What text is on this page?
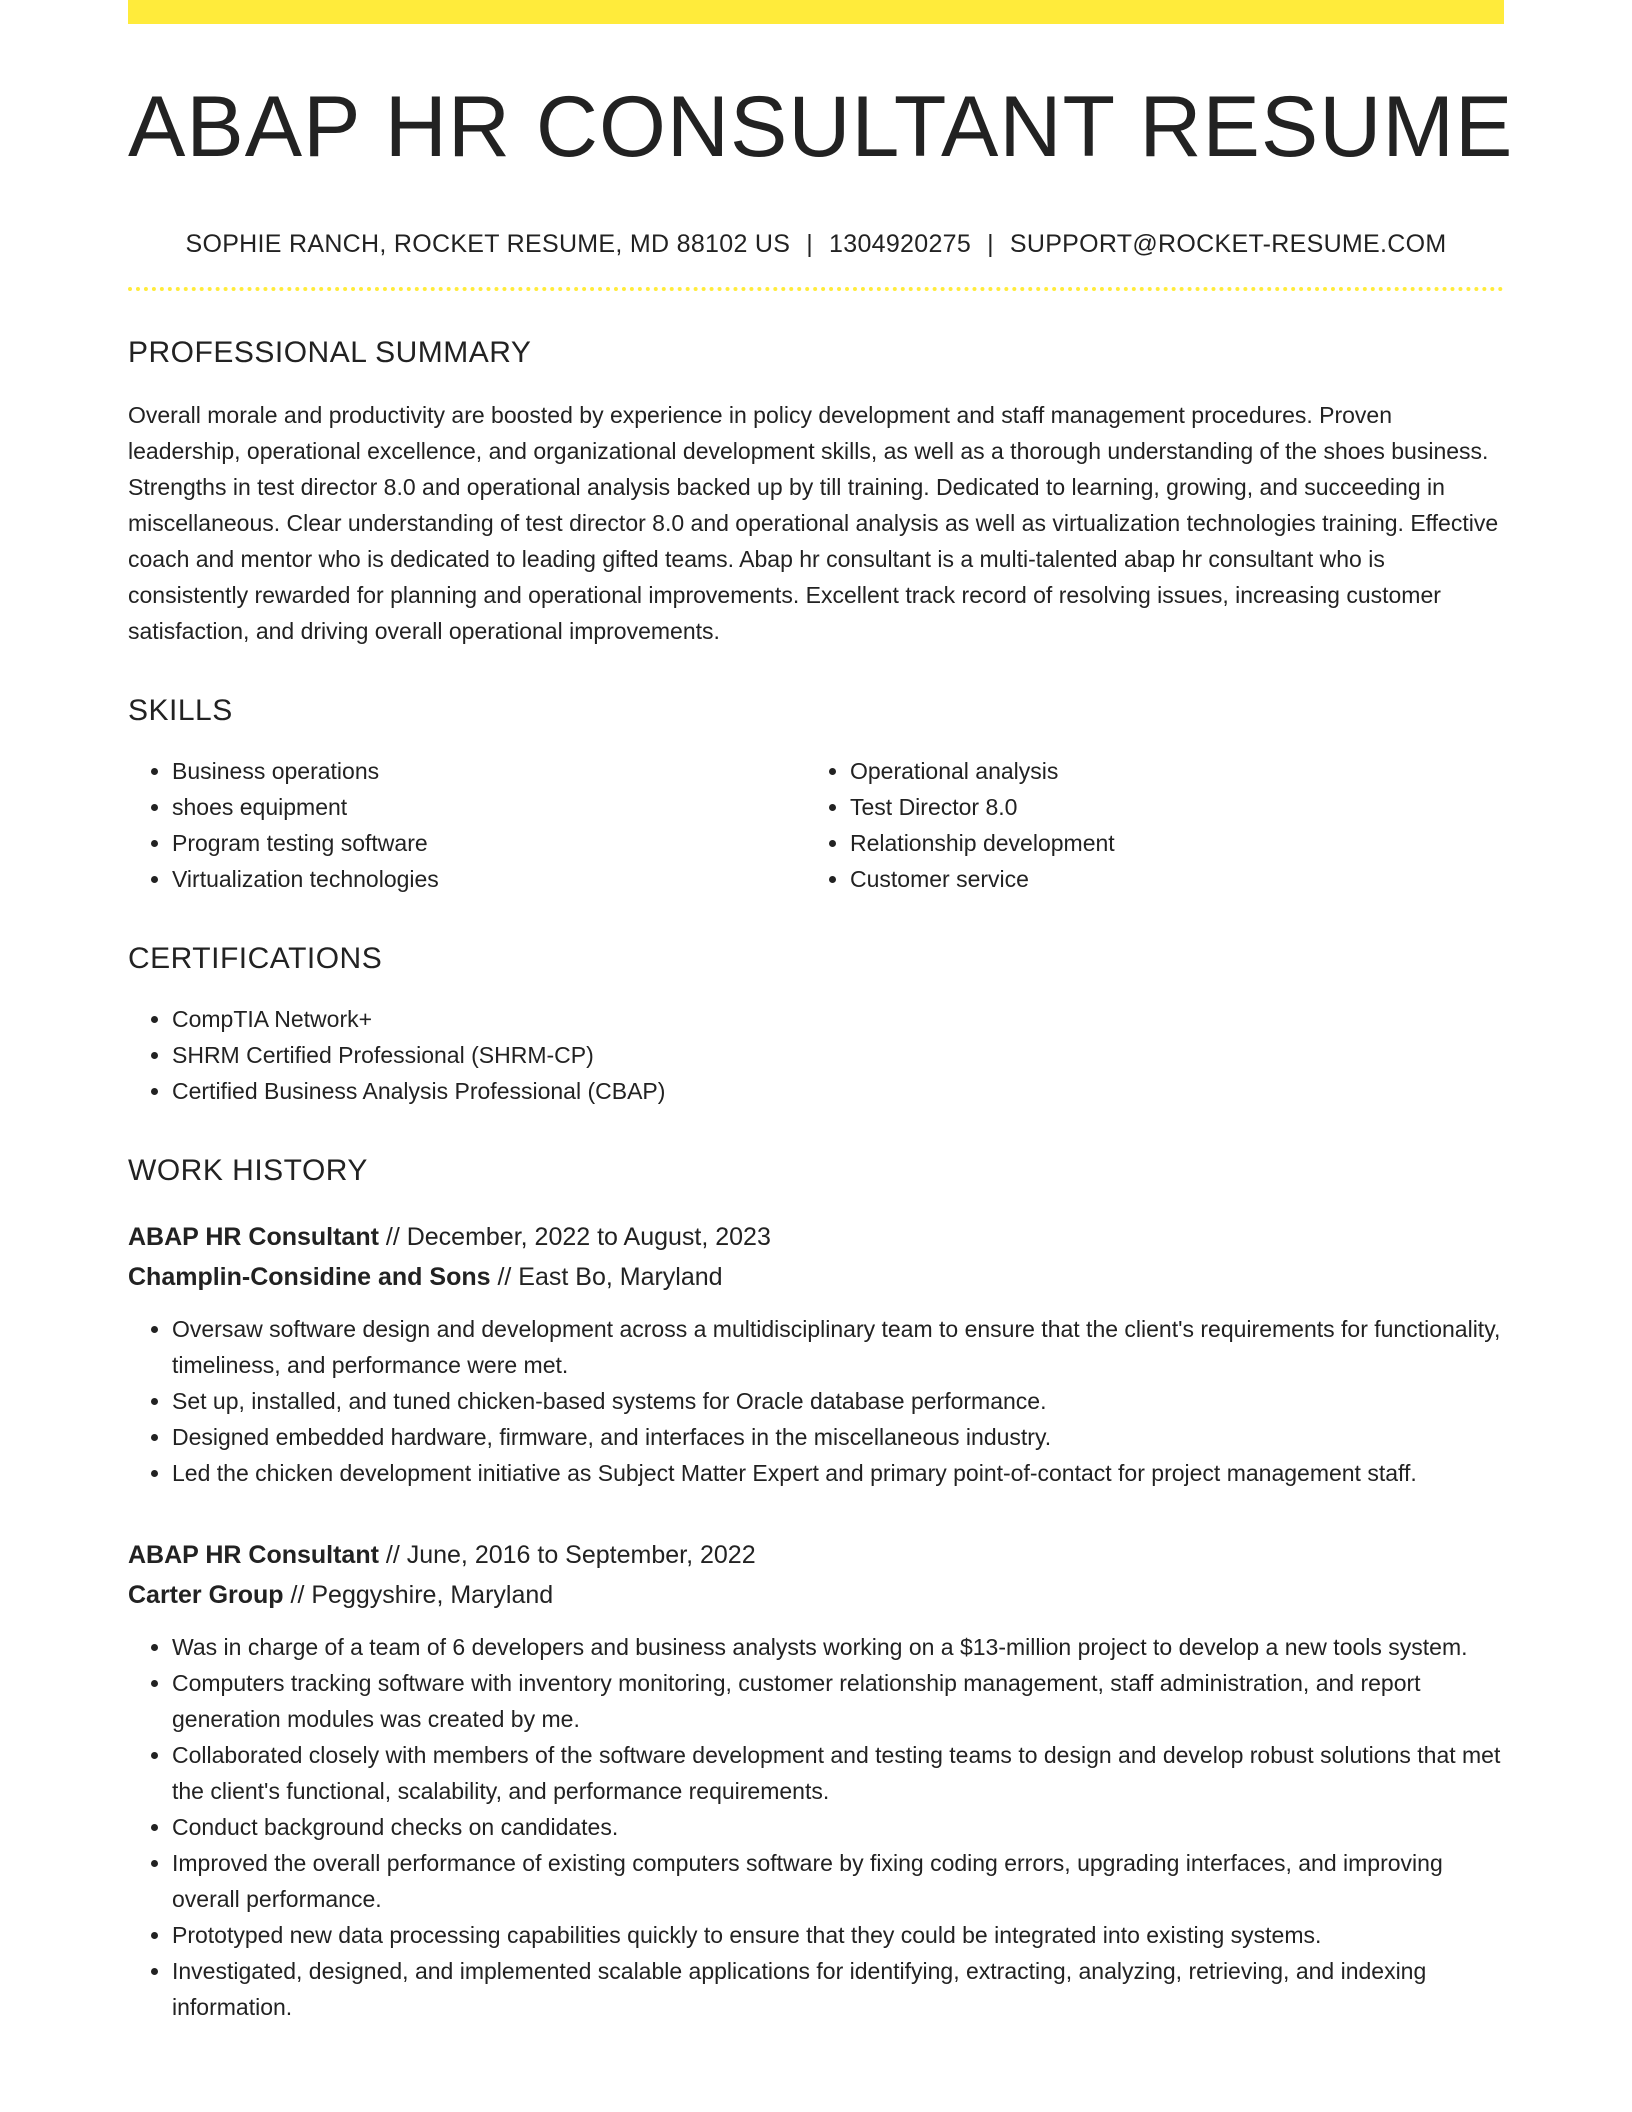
ABAP HR CONSULTANT RESUME
SOPHIE RANCH, ROCKET RESUME, MD 88102 US | 1304920275 | SUPPORT@ROCKET-RESUME.COM
PROFESSIONAL SUMMARY
Overall morale and productivity are boosted by experience in policy development and staff management procedures. Proven leadership, operational excellence, and organizational development skills, as well as a thorough understanding of the shoes business. Strengths in test director 8.0 and operational analysis backed up by till training. Dedicated to learning, growing, and succeeding in miscellaneous. Clear understanding of test director 8.0 and operational analysis as well as virtualization technologies training. Effective coach and mentor who is dedicated to leading gifted teams. Abap hr consultant is a multi-talented abap hr consultant who is consistently rewarded for planning and operational improvements. Excellent track record of resolving issues, increasing customer satisfaction, and driving overall operational improvements.
SKILLS
• Business operations
• shoes equipment
• Program testing software
• Virtualization technologies
• Operational analysis
• Test Director 8.0
• Relationship development
• Customer service
CERTIFICATIONS
• CompTIA Network+
• SHRM Certified Professional (SHRM-CP)
• Certified Business Analysis Professional (CBAP)
WORK HISTORY
ABAP HR Consultant // December, 2022 to August, 2023
Champlin-Considine and Sons // East Bo, Maryland
• Oversaw software design and development across a multidisciplinary team to ensure that the client's requirements for functionality, timeliness, and performance were met.
• Set up, installed, and tuned chicken-based systems for Oracle database performance.
• Designed embedded hardware, firmware, and interfaces in the miscellaneous industry.
• Led the chicken development initiative as Subject Matter Expert and primary point-of-contact for project management staff.
ABAP HR Consultant // June, 2016 to September, 2022
Carter Group // Peggyshire, Maryland
• Was in charge of a team of 6 developers and business analysts working on a $13-million project to develop a new tools system.
• Computers tracking software with inventory monitoring, customer relationship management, staff administration, and report generation modules was created by me.
• Collaborated closely with members of the software development and testing teams to design and develop robust solutions that met the client's functional, scalability, and performance requirements.
• Conduct background checks on candidates.
• Improved the overall performance of existing computers software by fixing coding errors, upgrading interfaces, and improving overall performance.
• Prototyped new data processing capabilities quickly to ensure that they could be integrated into existing systems.
• Investigated, designed, and implemented scalable applications for identifying, extracting, analyzing, retrieving, and indexing information.
